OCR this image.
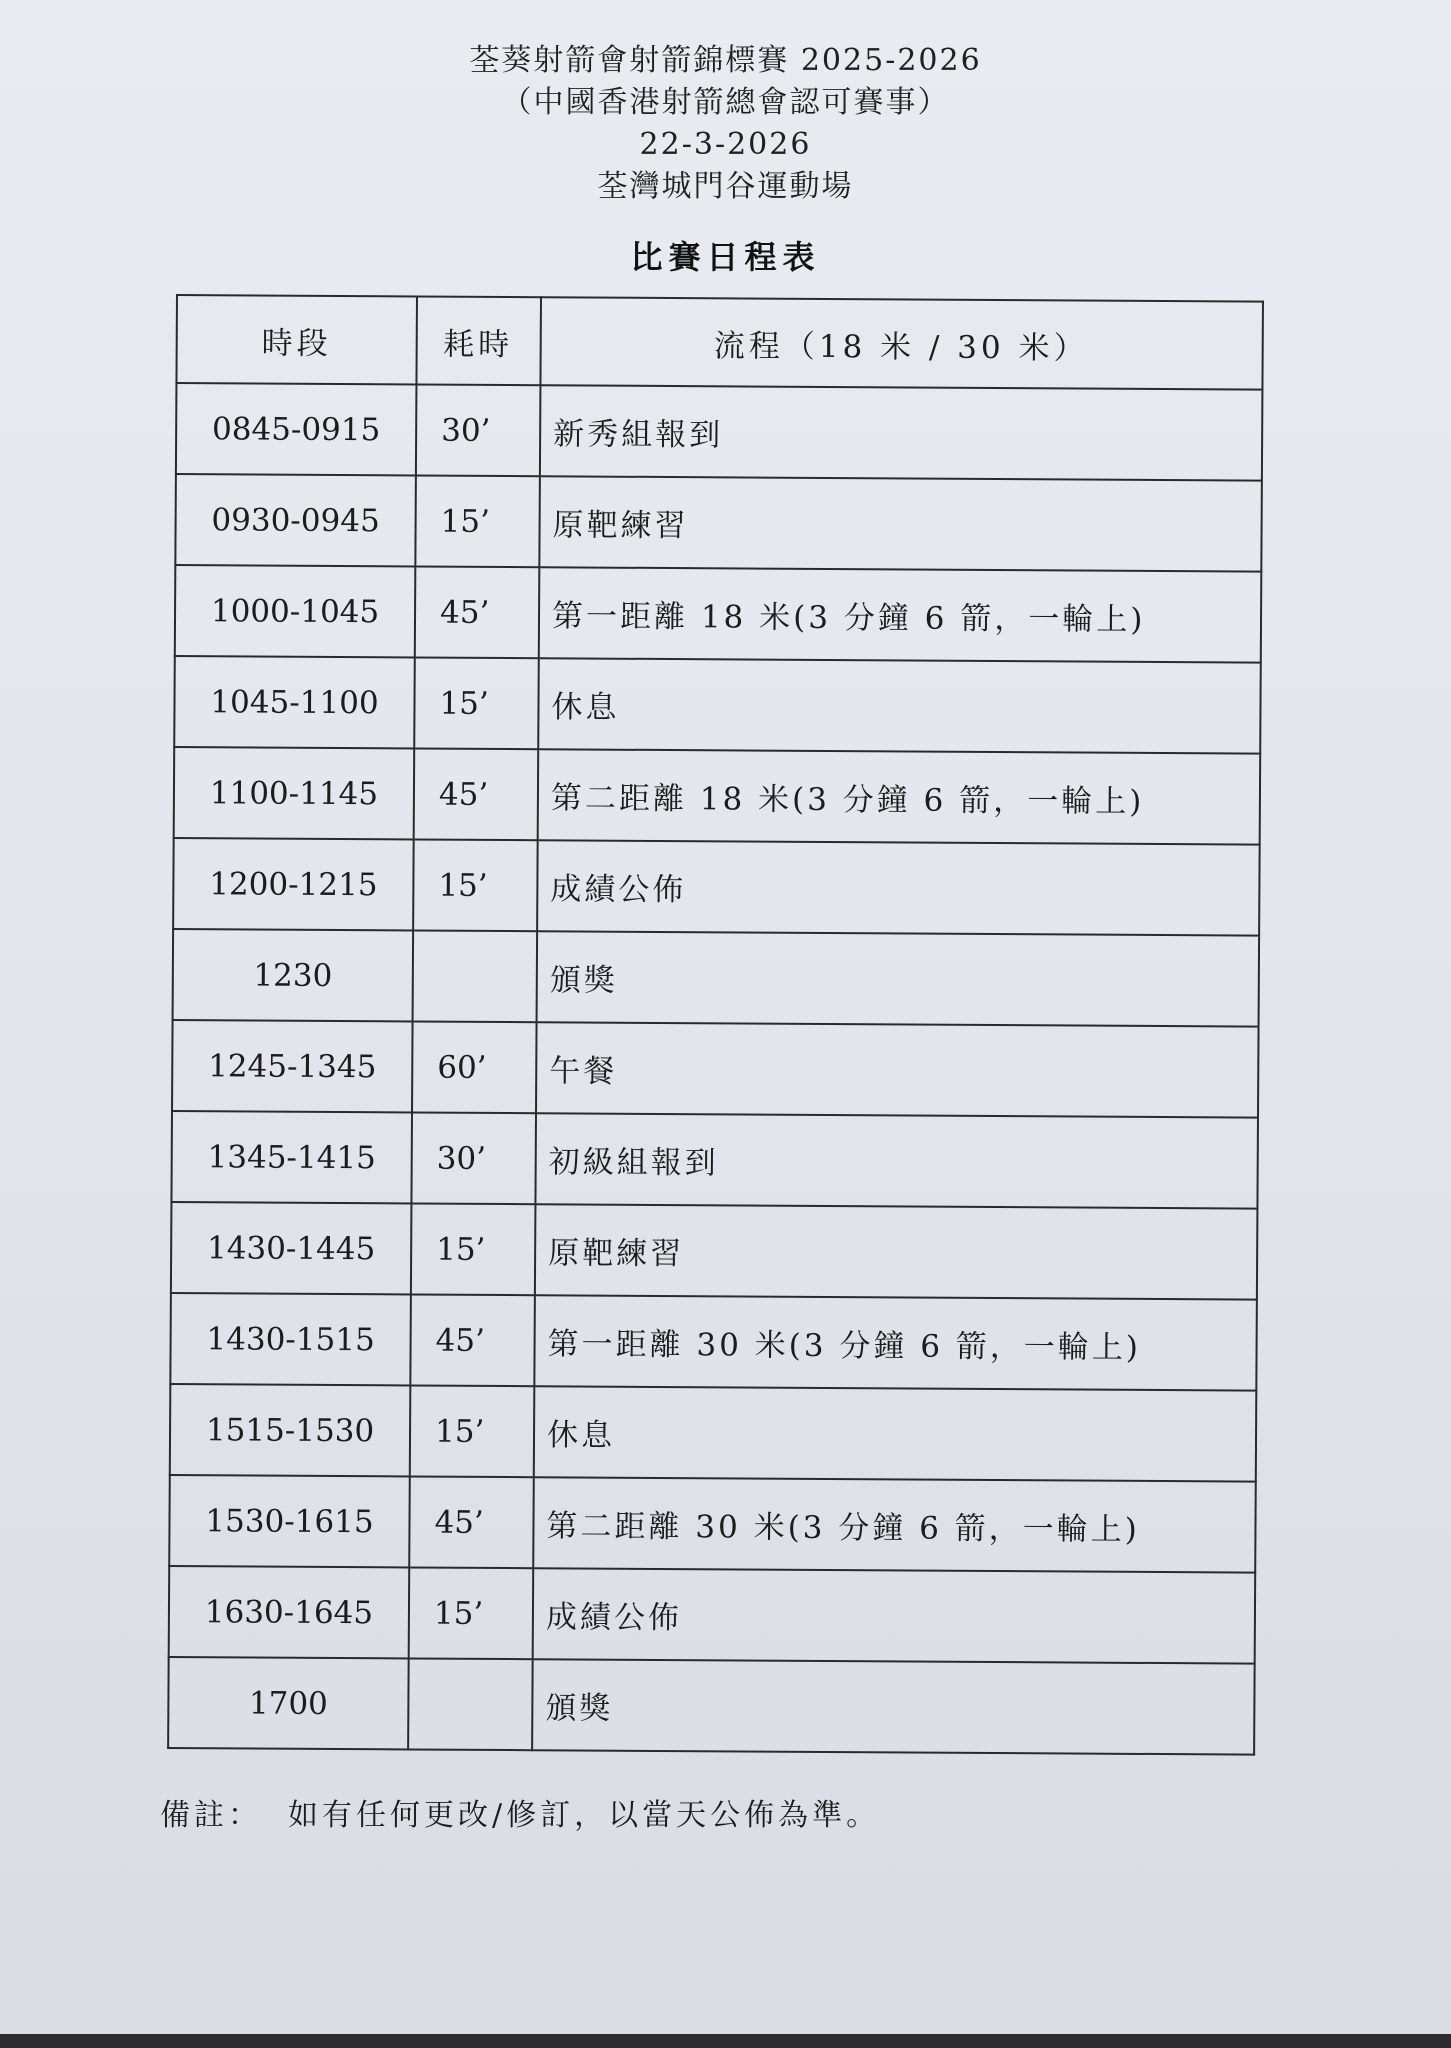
荃葵射箭會射箭錦標賽 2025-2026
（中國香港射箭總會認可賽事）
22-3-2026
荃灣城門谷運動場
比賽日程表
時段	耗時	流程（18 米 / 30 米）
0845-0915	30’	新秀組報到
0930-0945	15’	原靶練習
1000-1045	45’	第一距離 18 米(3 分鐘 6 箭，一輪上)
1045-1100	15’	休息
1100-1145	45’	第二距離 18 米(3 分鐘 6 箭，一輪上)
1200-1215	15’	成績公佈
1230		頒獎
1245-1345	60’	午餐
1345-1415	30’	初級組報到
1430-1445	15’	原靶練習
1430-1515	45’	第一距離 30 米(3 分鐘 6 箭，一輪上)
1515-1530	15’	休息
1530-1615	45’	第二距離 30 米(3 分鐘 6 箭，一輪上)
1630-1645	15’	成績公佈
1700		頒獎
備註： 如有任何更改/修訂，以當天公佈為準。
